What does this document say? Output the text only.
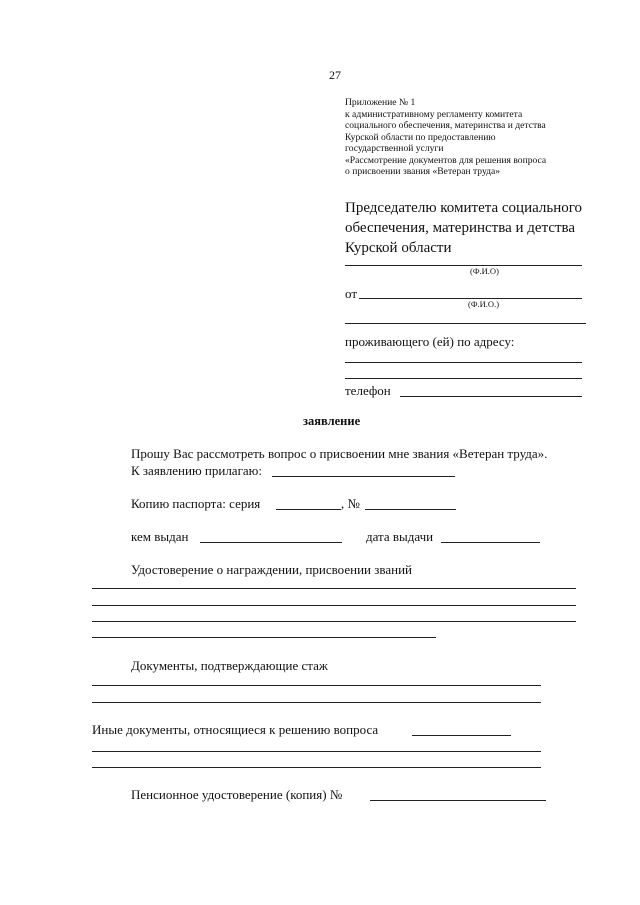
27
Приложение № 1
к административному регламенту комитета
социального обеспечения, материнства и детства
Курской области по предоставлению
государственной услуги
«Рассмотрение документов для решения вопроса
о присвоении звания «Ветеран труда»
Председателю комитета социального
обеспечения, материнства и детства
Курской области
(Ф.И.О)
от
(Ф.И.О.)
проживающего (ей) по адресу:
телефон
заявление
Прошу Вас рассмотреть вопрос о присвоении мне звания «Ветеран труда».
К заявлению прилагаю:
Копию паспорта: серия	, №
кем выдан	дата выдачи
Удостоверение о награждении, присвоении званий
Документы, подтверждающие стаж
Иные документы, относящиеся к решению вопроса
Пенсионное удостоверение (копия) №
